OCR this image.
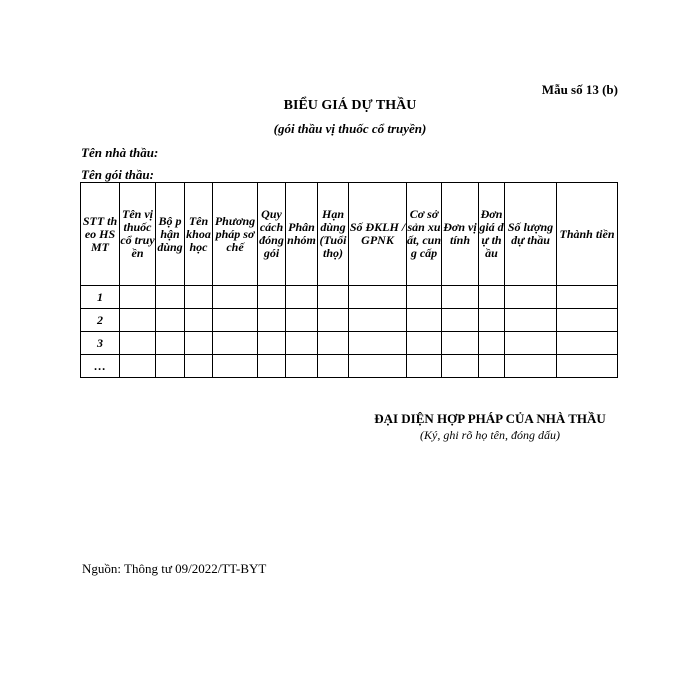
Mẫu số 13 (b)
BIỂU GIÁ DỰ THẦU
(gói thầu vị thuốc cổ truyền)
Tên nhà thầu:
Tên gói thầu:
STT theo HSMT	Tên vị thuốc cổ truyền	Bộ phận dùng	Tên khoa học	Phương pháp sơ chế	Quy cách đóng gói	Phân nhóm	Hạn dùng (Tuổi thọ)	Số ĐKLH / GPNK	Cơ sở sản xuất, cung cấp	Đơn vị tính	Đơn giá dự thầu	Số lượng dự thầu	Thành tiền
1													
2													
3													
…													
ĐẠI DIỆN HỢP PHÁP CỦA NHÀ THẦU
(Ký, ghi rõ họ tên, đóng dấu)
Nguồn: Thông tư 09/2022/TT-BYT
